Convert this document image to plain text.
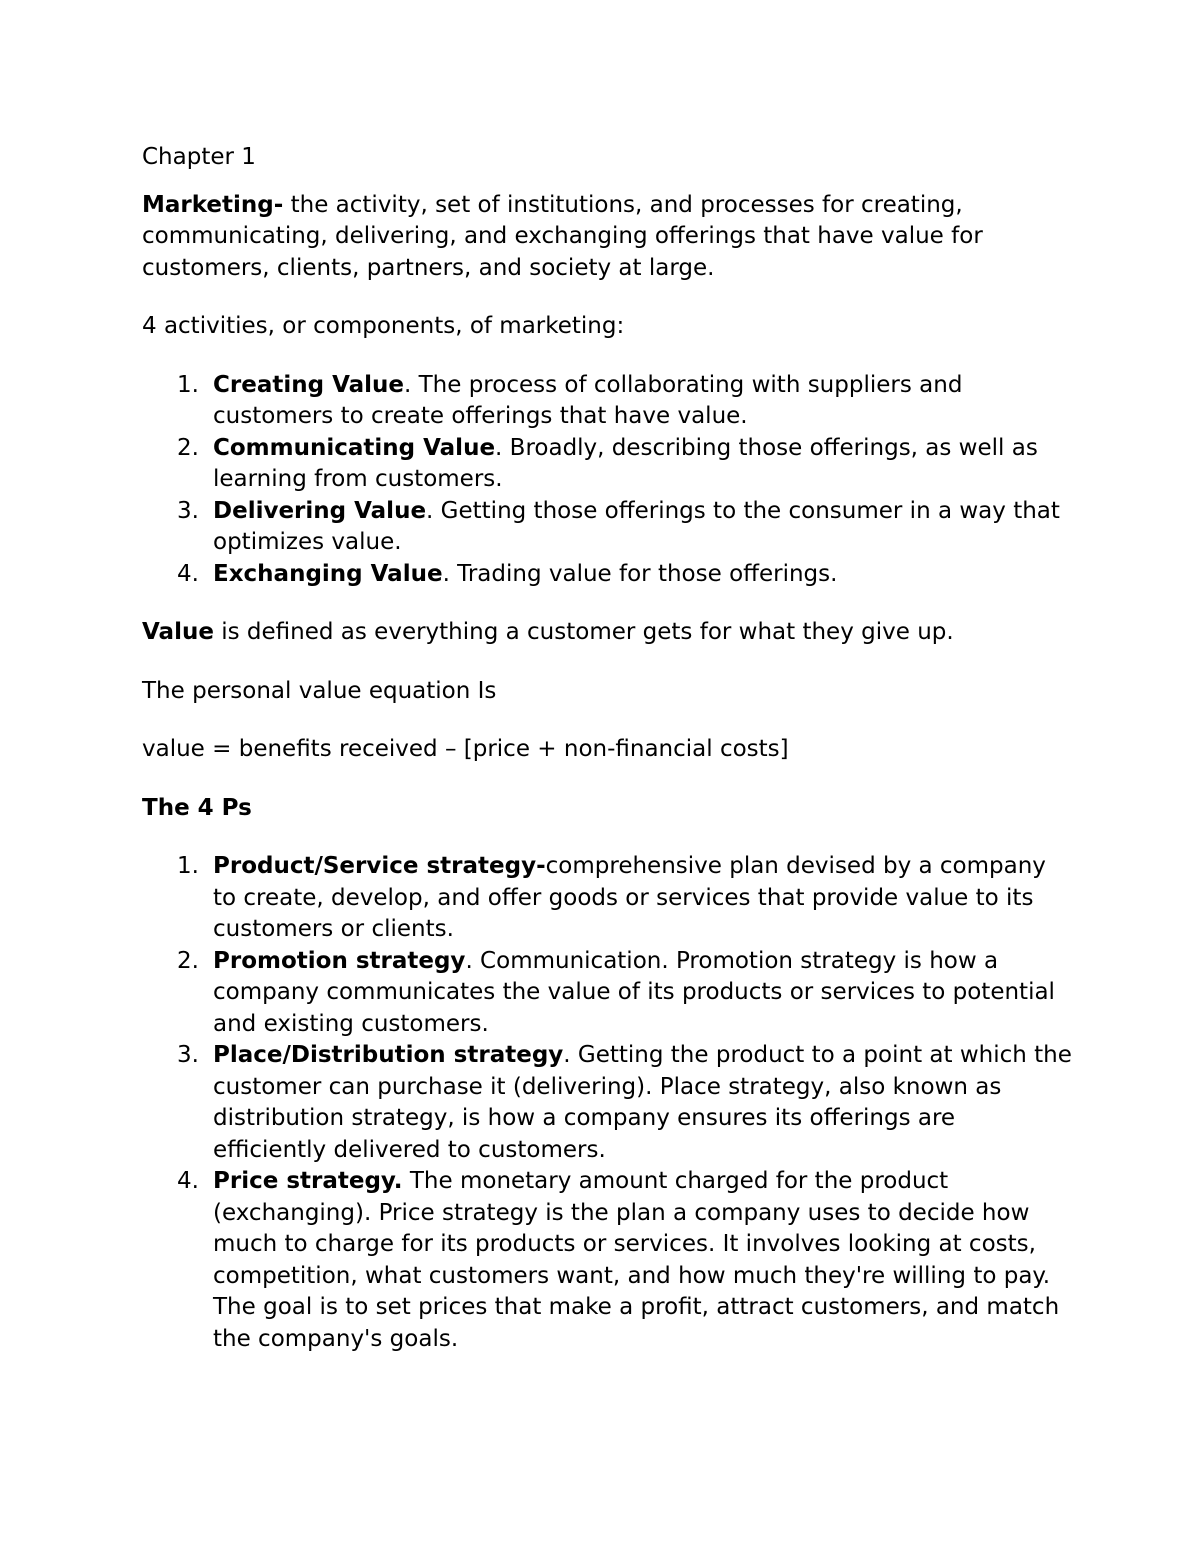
Chapter 1

Marketing- the activity, set of institutions, and processes for creating, communicating, delivering, and exchanging offerings that have value for customers, clients, partners, and society at large.

4 activities, or components, of marketing:

1. Creating Value. The process of collaborating with suppliers and customers to create offerings that have value.
2. Communicating Value. Broadly, describing those offerings, as well as learning from customers.
3. Delivering Value. Getting those offerings to the consumer in a way that optimizes value.
4. Exchanging Value. Trading value for those offerings.

Value is defined as everything a customer gets for what they give up.

The personal value equation Is

value = benefits received – [price + non-financial costs]

The 4 Ps

1. Product/Service strategy-comprehensive plan devised by a company to create, develop, and offer goods or services that provide value to its customers or clients.
2. Promotion strategy. Communication. Promotion strategy is how a company communicates the value of its products or services to potential and existing customers.
3. Place/Distribution strategy. Getting the product to a point at which the customer can purchase it (delivering). Place strategy, also known as distribution strategy, is how a company ensures its offerings are efficiently delivered to customers.
4. Price strategy. The monetary amount charged for the product (exchanging). Price strategy is the plan a company uses to decide how much to charge for its products or services. It involves looking at costs, competition, what customers want, and how much they're willing to pay. The goal is to set prices that make a profit, attract customers, and match the company's goals.
